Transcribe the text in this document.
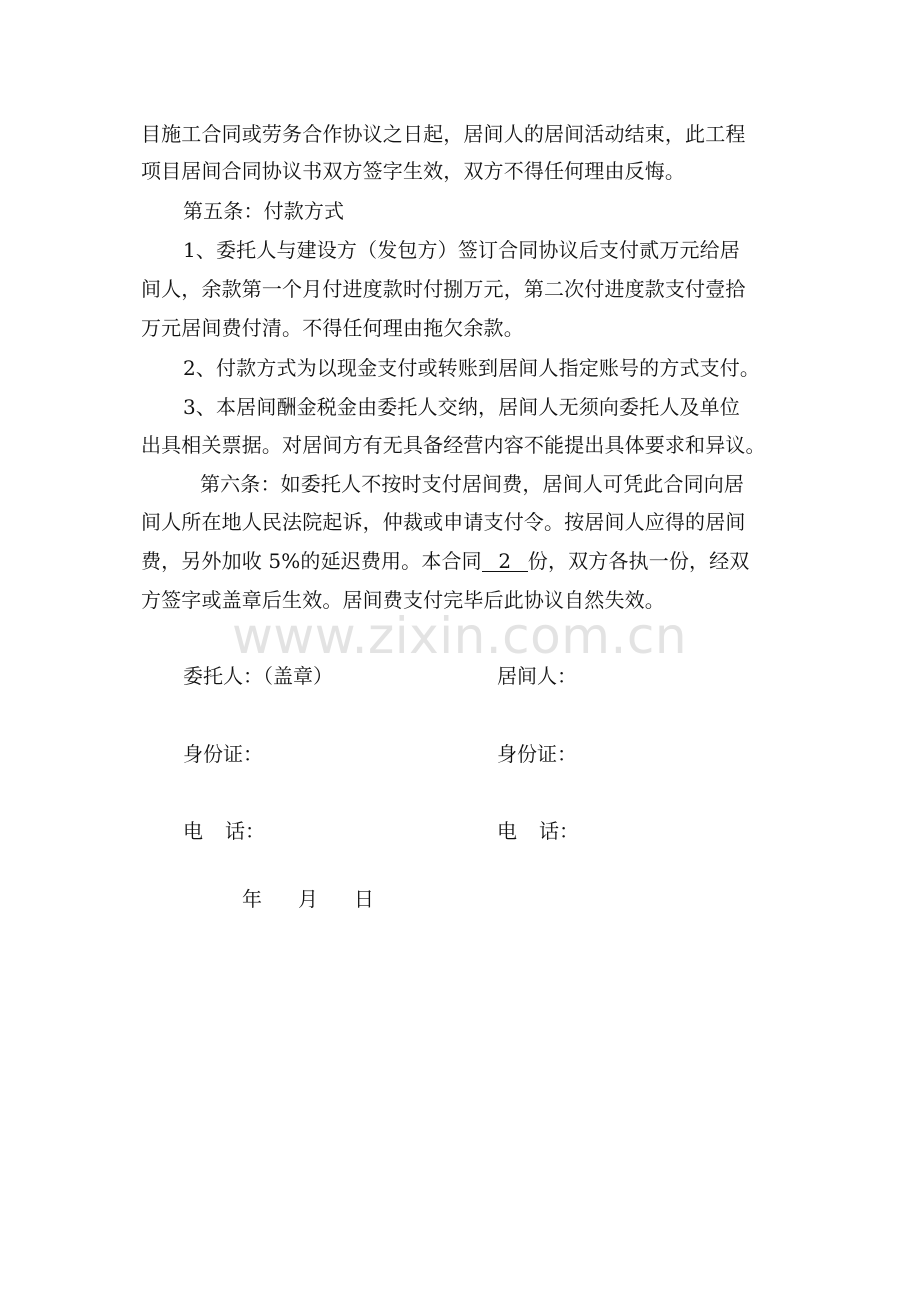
目施工合同或劳务合作协议之日起，居间人的居间活动结束，此工程
项目居间合同协议书双方签字生效，双方不得任何理由反悔。
第五条：付款方式
1、委托人与建设方（发包方）签订合同协议后支付贰万元给居
间人，余款第一个月付进度款时付捌万元，第二次付进度款支付壹拾
万元居间费付清。不得任何理由拖欠余款。
2、付款方式为以现金支付或转账到居间人指定账号的方式支付。
3、本居间酬金税金由委托人交纳，居间人无须向委托人及单位
出具相关票据。对居间方有无具备经营内容不能提出具体要求和异议。
第六条：如委托人不按时支付居间费，居间人可凭此合同向居
间人所在地人民法院起诉，仲裁或申请支付令。按居间人应得的居间
费，另外加收 5%的延迟费用。本合同 2 份，双方各执一份，经双
方签字或盖章后生效。居间费支付完毕后此协议自然失效。
www.zixin.com.cn
委托人：（盖章）	居间人：
身份证：	身份证：
电 话：	电 话：
年 月 日
